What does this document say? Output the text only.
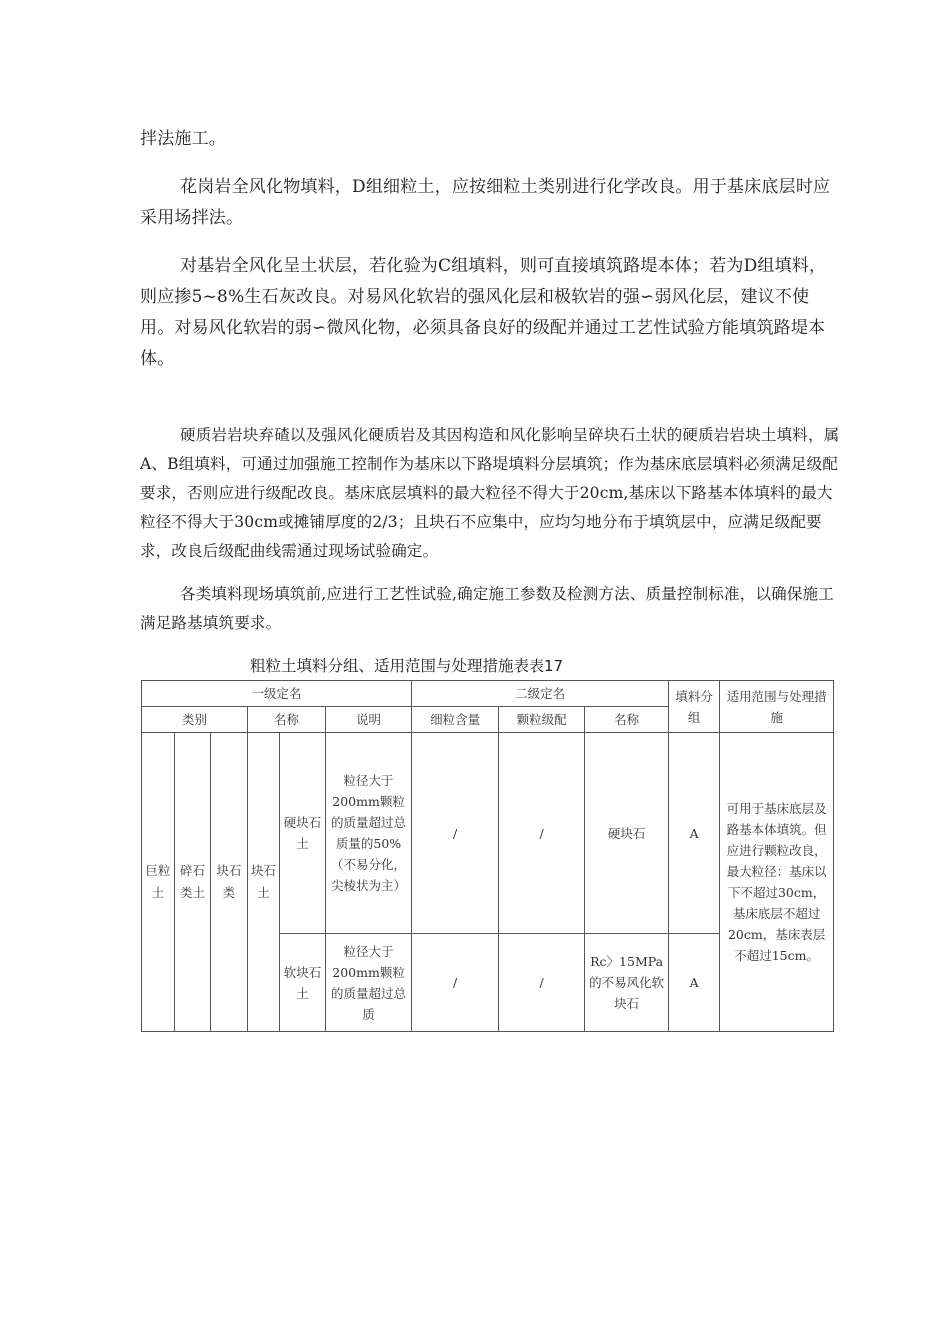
拌法施工。

花岗岩全风化物填料，D组细粒土，应按细粒土类别进行化学改良。用于基床底层时应采用场拌法。

对基岩全风化呈土状层，若化验为C组填料，则可直接填筑路堤本体；若为D组填料，则应掺5~8%生石灰改良。对易风化软岩的强风化层和极软岩的强∽弱风化层，建议不使用。对易风化软岩的弱∽微风化物，必须具备良好的级配并通过工艺性试验方能填筑路堤本体。

硬质岩岩块弃碴以及强风化硬质岩及其因构造和风化影响呈碎块石土状的硬质岩岩块土填料，属A、B组填料，可通过加强施工控制作为基床以下路堤填料分层填筑；作为基床底层填料必须满足级配要求，否则应进行级配改良。基床底层填料的最大粒径不得大于20cm,基床以下路基本体填料的最大粒径不得大于30cm或摊铺厚度的2/3；且块石不应集中，应均匀地分布于填筑层中，应满足级配要求，改良后级配曲线需通过现场试验确定。

各类填料现场填筑前,应进行工艺性试验,确定施工参数及检测方法、质量控制标准，以确保施工满足路基填筑要求。

粗粒土填料分组、适用范围与处理措施表表17
一级定名						二级定名			填料分组	适用范围与处理措施
类别			名称		说明	细粒含量	颗粒级配	名称		
巨粒土	碎石类土	块石类	块石土	硬块石土	粒径大于200mm颗粒的质量超过总质量的50%（不易分化，尖棱状为主）	/	/	硬块石	A	可用于基床底层及路基本体填筑。但应进行颗粒改良，最大粒径：基床以下不超过30cm，基床底层不超过20cm，基床表层不超过15cm。
				软块石土	粒径大于200mm颗粒的质量超过总质	/	/	Rc〉15MPa的不易风化软块石	A	
